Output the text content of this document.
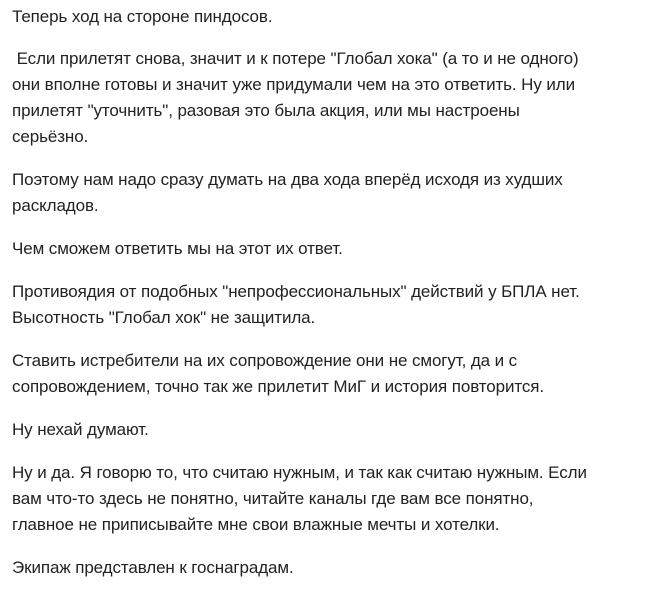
Теперь ход на стороне пиндосов.

Если прилетят снова, значит и к потере "Глобал хока" (а то и не одного)
они вполне готовы и значит уже придумали чем на это ответить. Ну или
прилетят "уточнить", разовая это была акция, или мы настроены
серьёзно.

Поэтому нам надо сразу думать на два хода вперёд исходя из худших
раскладов.

Чем сможем ответить мы на этот их ответ.

Противоядия от подобных "непрофессиональных" действий у БПЛА нет.
Высотность "Глобал хок" не защитила.

Ставить истребители на их сопровождение они не смогут, да и с
сопровождением, точно так же прилетит МиГ и история повторится.

Ну нехай думают.

Ну и да. Я говорю то, что считаю нужным, и так как считаю нужным. Если
вам что-то здесь не понятно, читайте каналы где вам все понятно,
главное не приписывайте мне свои влажные мечты и хотелки.

Экипаж представлен к госнаградам.
